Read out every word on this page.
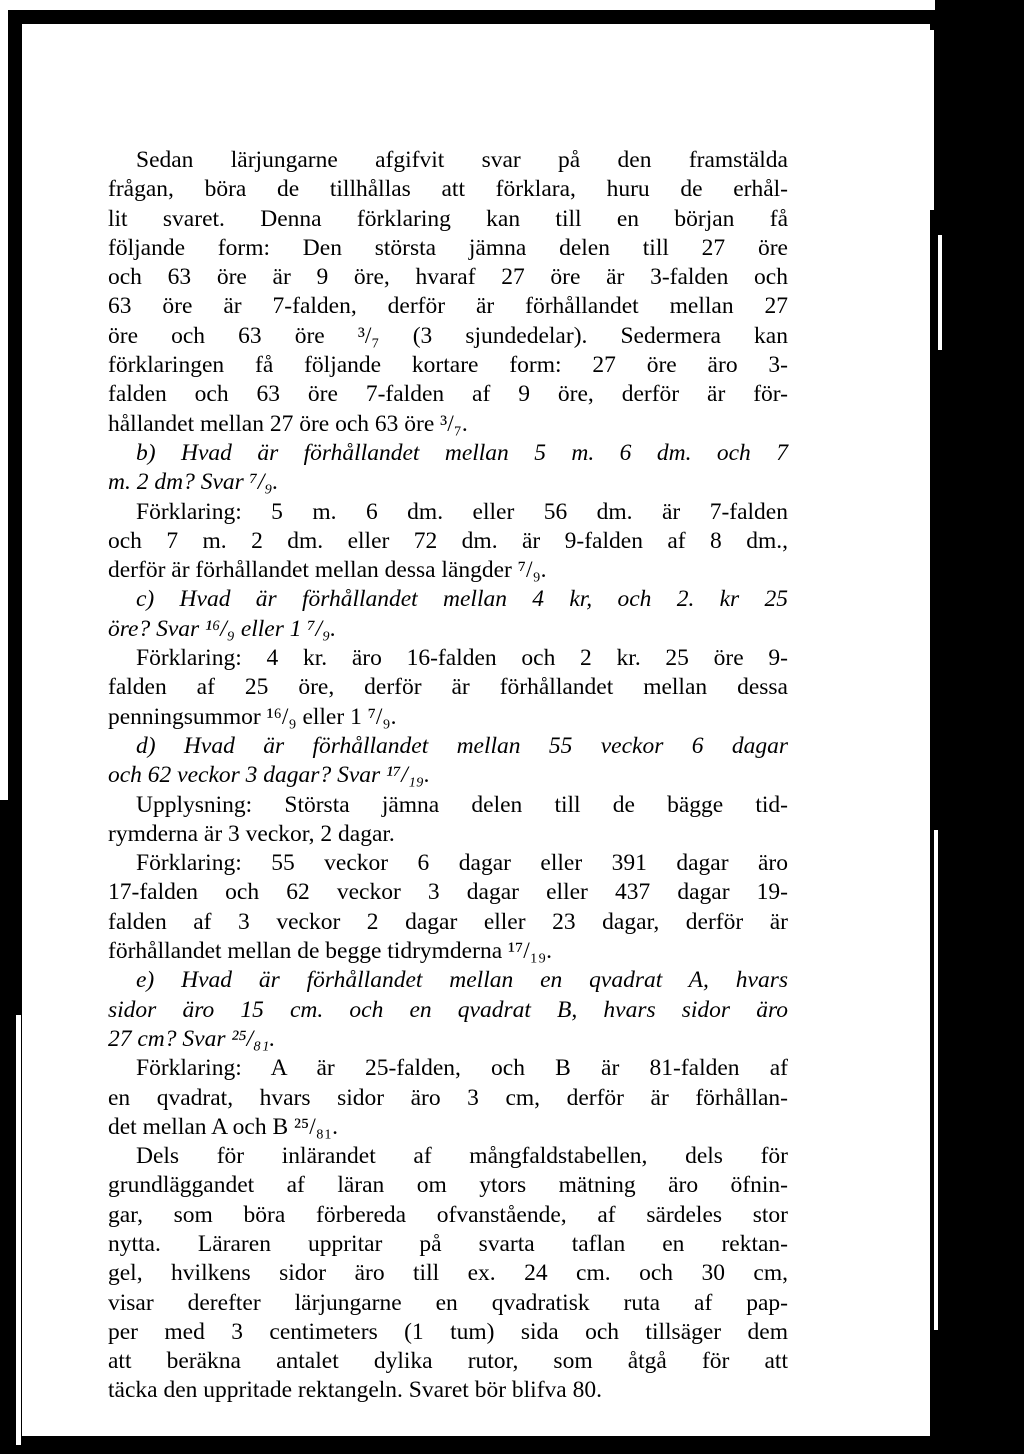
Sedan lärjungarne afgifvit svar på den framstälda
frågan, böra de tillhållas att förklara, huru de erhål-
lit svaret. Denna förklaring kan till en början få
följande form: Den största jämna delen till 27 öre
och 63 öre är 9 öre, hvaraf 27 öre är 3-falden och
63 öre är 7-falden, derför är förhållandet mellan 27
öre och 63 öre ³/₇ (3 sjundedelar). Sedermera kan
förklaringen få följande kortare form: 27 öre äro 3-
falden och 63 öre 7-falden af 9 öre, derför är för-
hållandet mellan 27 öre och 63 öre ³/₇.
b) Hvad är förhållandet mellan 5 m. 6 dm. och 7
m. 2 dm? Svar ⁷/₉.
Förklaring: 5 m. 6 dm. eller 56 dm. är 7-falden
och 7 m. 2 dm. eller 72 dm. är 9-falden af 8 dm.,
derför är förhållandet mellan dessa längder ⁷/₉.
c) Hvad är förhållandet mellan 4 kr, och 2. kr 25
öre? Svar ¹⁶/₉ eller 1 ⁷/₉.
Förklaring: 4 kr. äro 16-falden och 2 kr. 25 öre 9-
falden af 25 öre, derför är förhållandet mellan dessa
penningsummor ¹⁶/₉ eller 1 ⁷/₉.
d) Hvad är förhållandet mellan 55 veckor 6 dagar
och 62 veckor 3 dagar? Svar ¹⁷/₁₉.
Upplysning: Största jämna delen till de bägge tid-
rymderna är 3 veckor, 2 dagar.
Förklaring: 55 veckor 6 dagar eller 391 dagar äro
17-falden och 62 veckor 3 dagar eller 437 dagar 19-
falden af 3 veckor 2 dagar eller 23 dagar, derför är
förhållandet mellan de begge tidrymderna ¹⁷/₁₉.
e) Hvad är förhållandet mellan en qvadrat A, hvars
sidor äro 15 cm. och en qvadrat B, hvars sidor äro
27 cm? Svar ²⁵/₈₁.
Förklaring: A är 25-falden, och B är 81-falden af
en qvadrat, hvars sidor äro 3 cm, derför är förhållan-
det mellan A och B ²⁵/₈₁.
Dels för inlärandet af mångfaldstabellen, dels för
grundläggandet af läran om ytors mätning äro öfnin-
gar, som böra förbereda ofvanstående, af särdeles stor
nytta. Läraren uppritar på svarta taflan en rektan-
gel, hvilkens sidor äro till ex. 24 cm. och 30 cm,
visar derefter lärjungarne en qvadratisk ruta af pap-
per med 3 centimeters (1 tum) sida och tillsäger dem
att beräkna antalet dylika rutor, som åtgå för att
täcka den uppritade rektangeln. Svaret bör blifva 80.
